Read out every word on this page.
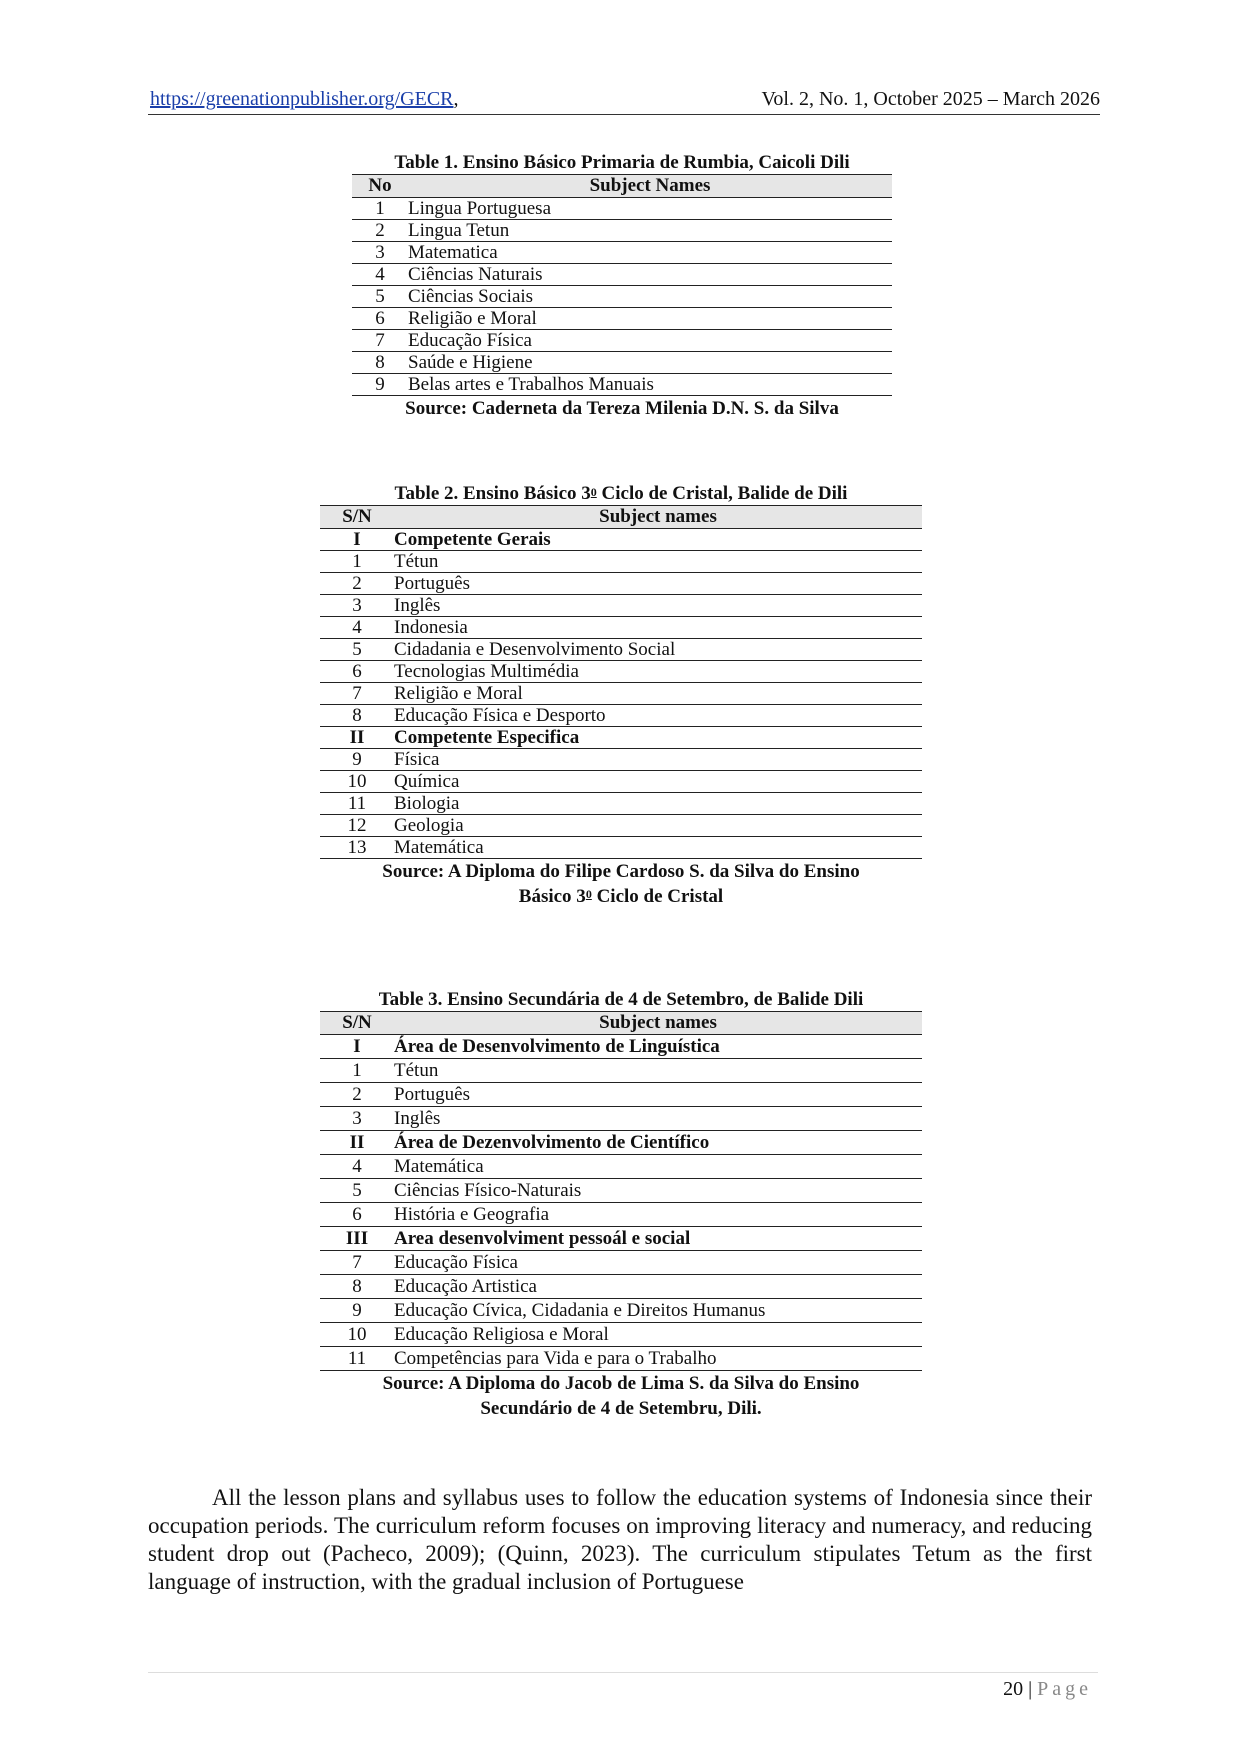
https://greenationpublisher.org/GECR,	Vol. 2, No. 1, October 2025 – March 2026
Table 1. Ensino Básico Primaria de Rumbia, Caicoli Dili
No	Subject Names
1	Lingua Portuguesa
2	Lingua Tetun
3	Matematica
4	Ciências Naturais
5	Ciências Sociais
6	Religião e Moral
7	Educação Física
8	Saúde e Higiene
9	Belas artes e Trabalhos Manuais
Source: Caderneta da Tereza Milenia D.N. S. da Silva
Table 2. Ensino Básico $3^0$ Ciclo de Cristal, Balide de Dili
S/N	Subject names
I	Competente Gerais
1	Tétun
2	Português
3	Inglês
4	Indonesia
5	Cidadania e Desenvolvimento Social
6	Tecnologias Multimédia
7	Religião e Moral
8	Educação Física e Desporto
II	Competente Especifica
9	Física
10	Química
11	Biologia
12	Geologia
13	Matemática
Source: A Diploma do Filipe Cardoso S. da Silva do Ensino
Básico $3^0$ Ciclo de Cristal
Table 3. Ensino Secundária de 4 de Setembro, de Balide Dili
S/N	Subject names
I	Área de Desenvolvimento de Linguística
1	Tétun
2	Português
3	Inglês
II	Área de Dezenvolvimento de Científico
4	Matemática
5	Ciências Físico-Naturais
6	História e Geografia
III	Area desenvolviment pessoál e social
7	Educação Física
8	Educação Artistica
9	Educação Cívica, Cidadania e Direitos Humanus
10	Educação Religiosa e Moral
11	Competências para Vida e para o Trabalho
Source: A Diploma do Jacob de Lima S. da Silva do Ensino
Secundário de 4 de Setembru, Dili.
All the lesson plans and syllabus uses to follow the education systems of Indonesia since their occupation periods. The curriculum reform focuses on improving literacy and numeracy, and reducing student drop out (Pacheco, 2009); (Quinn, 2023). The curriculum stipulates Tetum as the first language of instruction, with the gradual inclusion of Portuguese
20 | Page
